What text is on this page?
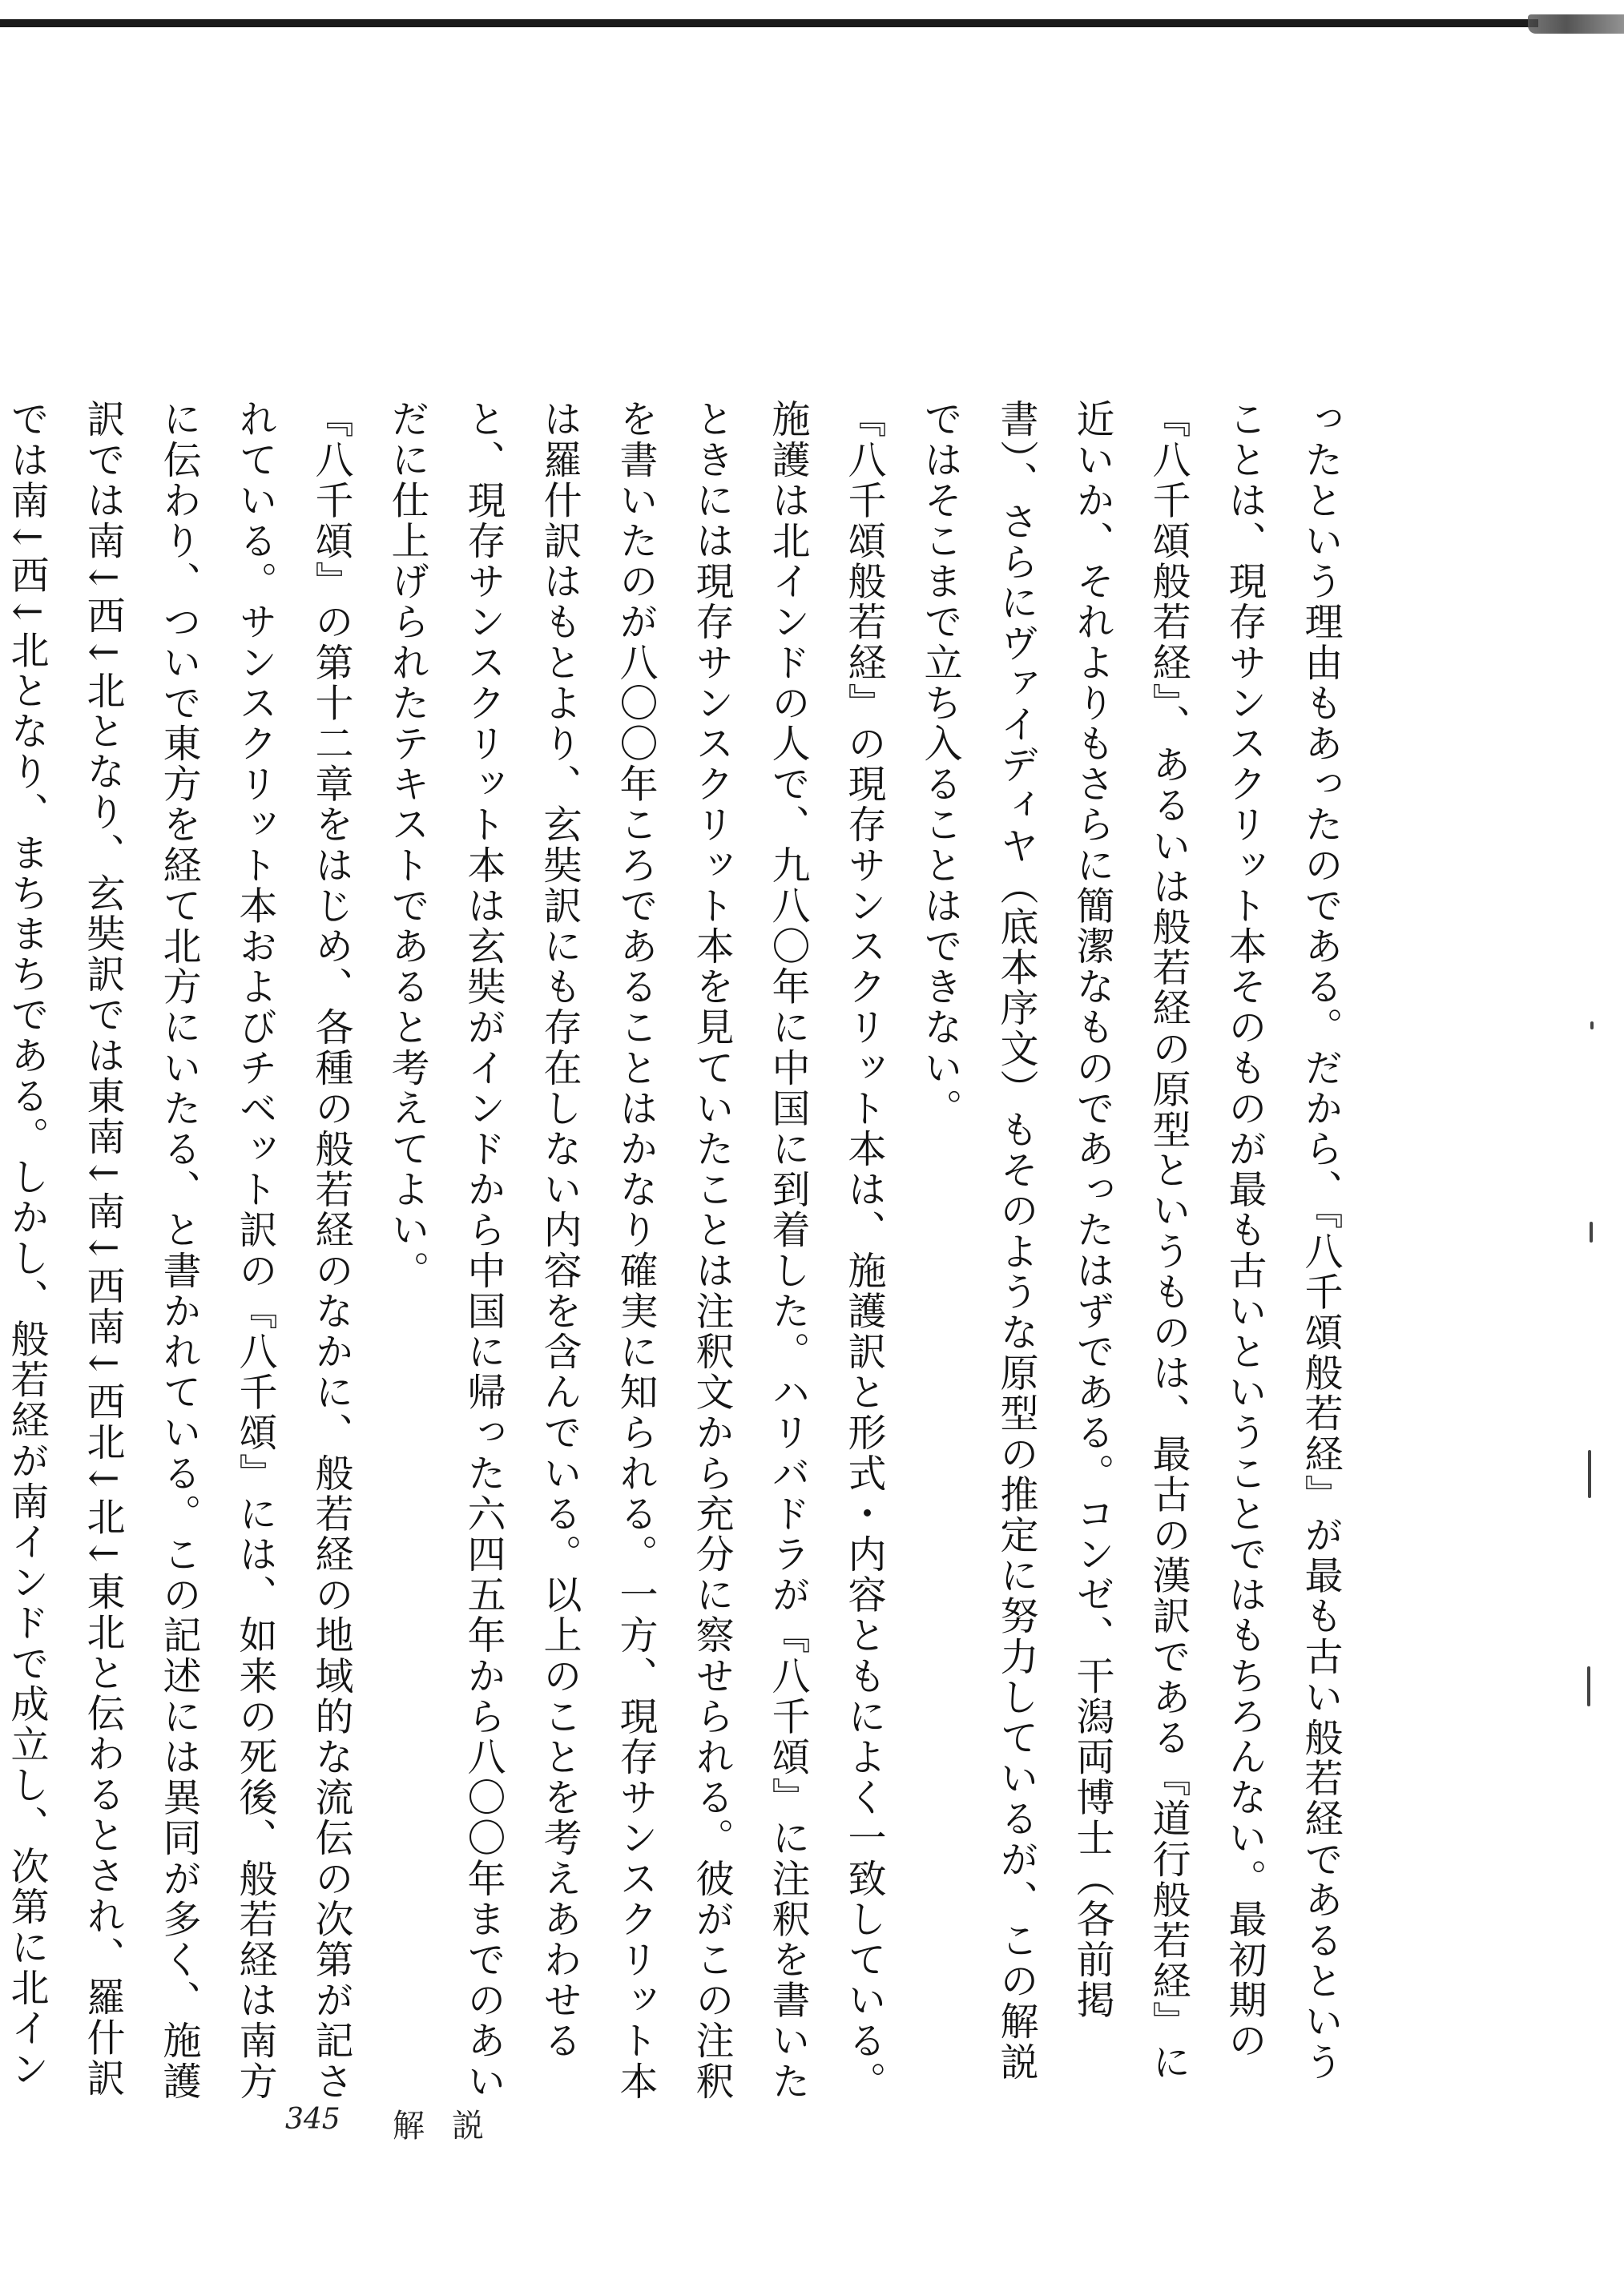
ったという理由もあったのである。だから、『八千頌般若経』が最も古い般若経であるということは、現存サンスクリット本そのものが最も古いということではもちろんない。最初期の『八千頌般若経』、あるいは般若経の原型というものは、最古の漢訳である『道行般若経』に近いか、それよりもさらに簡潔なものであったはずである。コンゼ、干潟両博士（各前掲書）、さらにヴァイディヤ（底本序文）もそのような原型の推定に努力しているが、この解説ではそこまで立ち入ることはできない。

『八千頌般若経』の現存サンスクリット本は、施護訳と形式・内容ともによく一致している。施護は北インドの人で、九八〇年に中国に到着した。ハリバドラが『八千頌』に注釈を書いたときには現存サンスクリット本を見ていたことは注釈文から充分に察せられる。彼がこの注釈を書いたのが八〇〇年ころであることはかなり確実に知られる。一方、現存サンスクリット本は羅什訳はもとより、玄奘訳にも存在しない内容を含んでいる。以上のことを考えあわせると、現存サンスクリット本は玄奘がインドから中国に帰った六四五年から八〇〇年までのあいだに仕上げられたテキストであると考えてよい。

『八千頌』の第十二章をはじめ、各種の般若経のなかに、般若経の地域的な流伝の次第が記されている。サンスクリット本およびチベット訳の『八千頌』には、如来の死後、般若経は南方に伝わり、ついで東方を経て北方にいたる、と書かれている。この記述には異同が多く、施護訳では南↓西↓北となり、玄奘訳では東南↓南↓西南↓西北↓北↓東北と伝わるとされ、羅什訳では南↓西↓北となり、まちまちである。しかし、般若経が南インドで成立し、次第に北イン

345 解説
